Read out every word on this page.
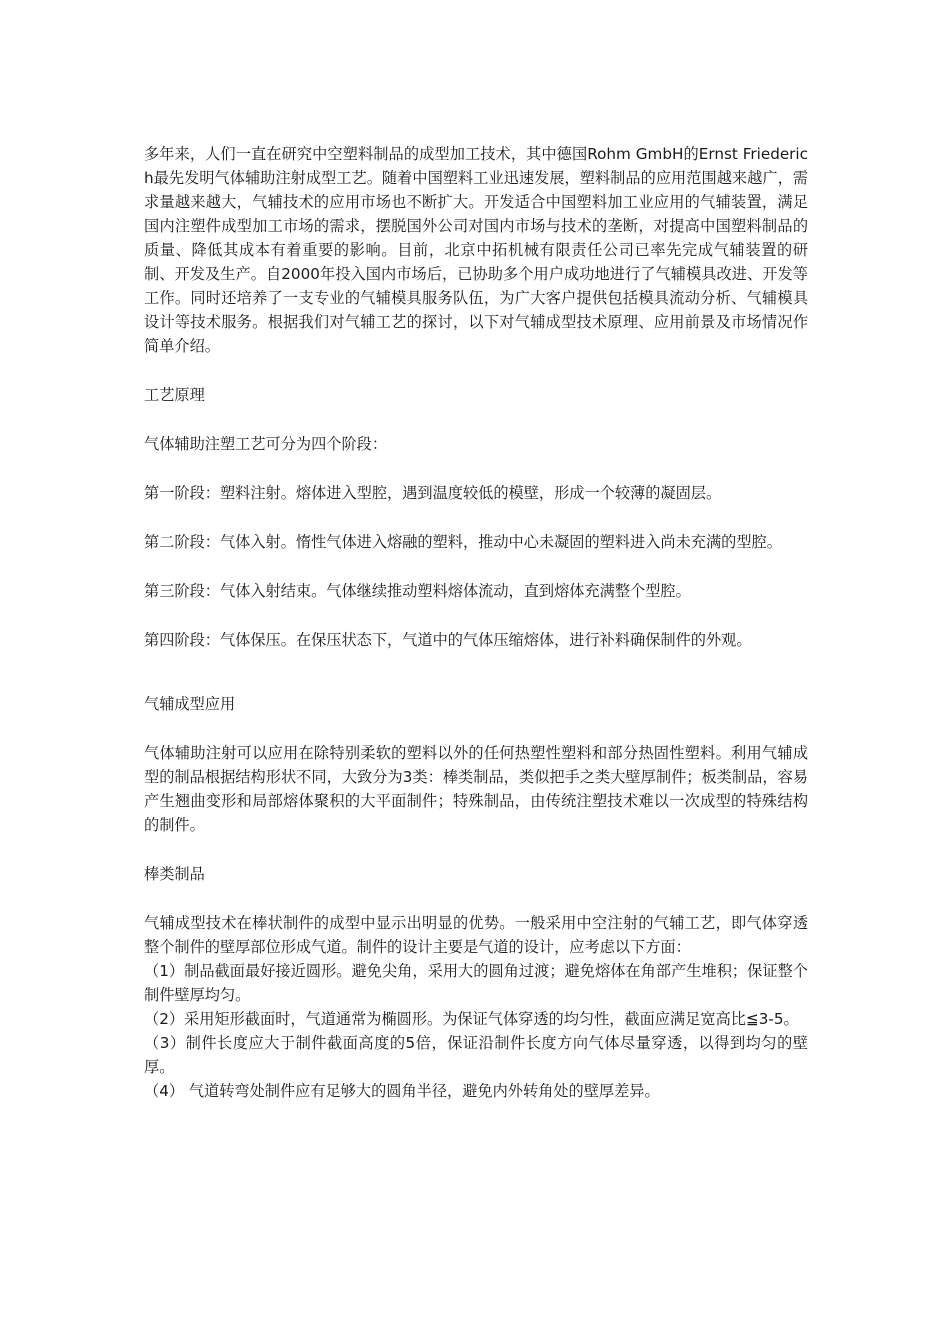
多年来，人们一直在研究中空塑料制品的成型加工技术，其中德国Rohm GmbH的Ernst Friederich最先发明气体辅助注射成型工艺。随着中国塑料工业迅速发展，塑料制品的应用范围越来越广，需求量越来越大，气辅技术的应用市场也不断扩大。开发适合中国塑料加工业应用的气辅装置，满足国内注塑件成型加工市场的需求，摆脱国外公司对国内市场与技术的垄断，对提高中国塑料制品的质量、降低其成本有着重要的影响。目前，北京中拓机械有限责任公司已率先完成气辅装置的研制、开发及生产。自2000年投入国内市场后，已协助多个用户成功地进行了气辅模具改进、开发等工作。同时还培养了一支专业的气辅模具服务队伍，为广大客户提供包括模具流动分析、气辅模具设计等技术服务。根据我们对气辅工艺的探讨，以下对气辅成型技术原理、应用前景及市场情况作简单介绍。

工艺原理

气体辅助注塑工艺可分为四个阶段：

第一阶段：塑料注射。熔体进入型腔，遇到温度较低的模壁，形成一个较薄的凝固层。

第二阶段：气体入射。惰性气体进入熔融的塑料，推动中心未凝固的塑料进入尚未充满的型腔。

第三阶段：气体入射结束。气体继续推动塑料熔体流动，直到熔体充满整个型腔。

第四阶段：气体保压。在保压状态下，气道中的气体压缩熔体，进行补料确保制件的外观。

气辅成型应用

气体辅助注射可以应用在除特别柔软的塑料以外的任何热塑性塑料和部分热固性塑料。利用气辅成型的制品根据结构形状不同，大致分为3类：棒类制品，类似把手之类大壁厚制件；板类制品，容易产生翘曲变形和局部熔体聚积的大平面制件；特殊制品，由传统注塑技术难以一次成型的特殊结构的制件。

棒类制品

气辅成型技术在棒状制件的成型中显示出明显的优势。一般采用中空注射的气辅工艺，即气体穿透整个制件的壁厚部位形成气道。制件的设计主要是气道的设计，应考虑以下方面：

（1）制品截面最好接近圆形。避免尖角，采用大的圆角过渡；避免熔体在角部产生堆积；保证整个制件壁厚均匀。

（2）采用矩形截面时，气道通常为椭圆形。为保证气体穿透的均匀性，截面应满足宽高比≦3-5。

（3）制件长度应大于制件截面高度的5倍，保证沿制件长度方向气体尽量穿透，以得到均匀的壁厚。

（4） 气道转弯处制件应有足够大的圆角半径，避免内外转角处的壁厚差异。
